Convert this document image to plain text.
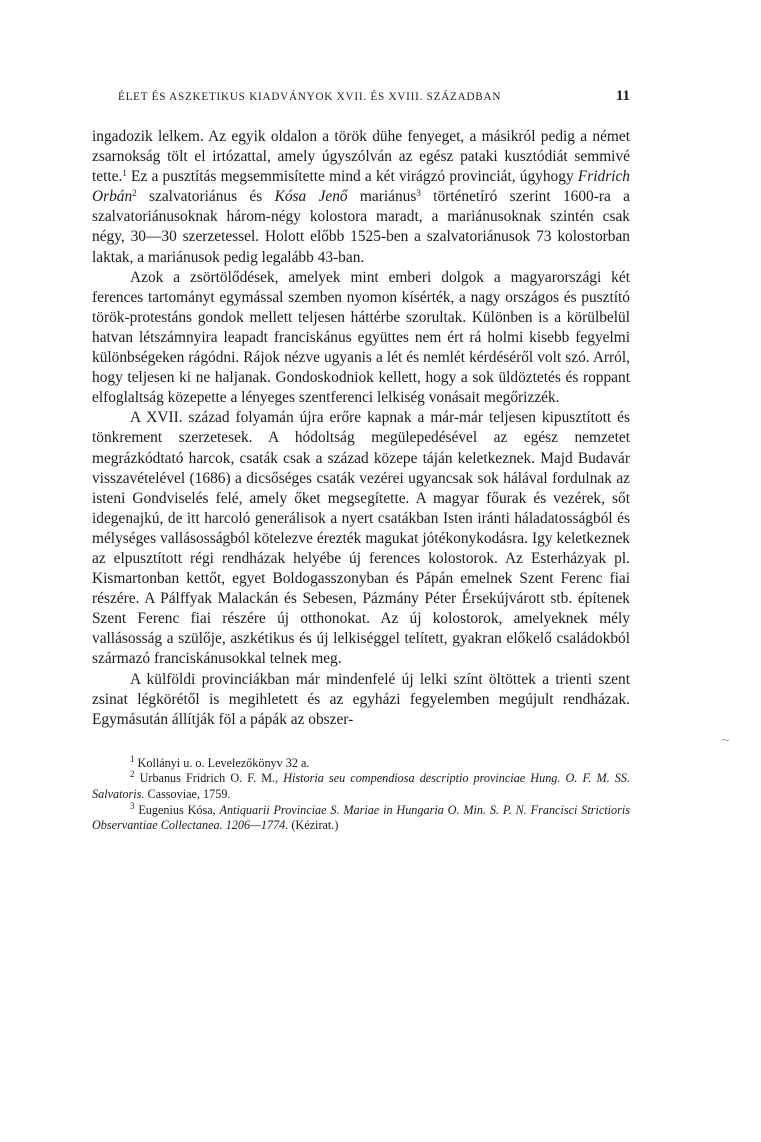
ÉLET ÉS ASZKETIKUS KIADVÁNYOK XVII. ÉS XVIII. SZÁZADBAN	11

ingadozik lelkem. Az egyik oldalon a török dühe fenyeget, a másikról pedig a német zsarnokság tölt el irtózattal, amely úgyszólván az egész pataki kusztódiát semmivé tette.$^1$ Ez a pusztítás megsemmisítette mind a két virágzó provinciát, úgyhogy Fridrich Orbán$^2$ szalvatoriánus és Kósa Jenő mariánus$^3$ történetíró szerint 1600-ra a szalvatoriánusoknak három-négy kolostora maradt, a mariánusoknak szintén csak négy, 30—30 szerzetessel. Holott előbb 1525-ben a szalvatoriánusok 73 kolostorban laktak, a mariánusok pedig legalább 43-ban.

Azok a zsörtölődések, amelyek mint emberi dolgok a magyarországi két ferences tartományt egymással szemben nyomon kísérték, a nagy országos és pusztító török-protestáns gondok mellett teljesen háttérbe szorultak. Különben is a körülbelül hatvan létszámnyira leapadt franciskánus együttes nem ért rá holmi kisebb fegyelmi különbségeken rágódni. Rájok nézve ugyanis a lét és nemlét kérdéséről volt szó. Arról, hogy teljesen ki ne haljanak. Gondoskodniok kellett, hogy a sok üldöztetés és roppant elfoglaltság közepette a lényeges szentferenci lelkiség vonásait megőrizzék.

A XVII. század folyamán újra erőre kapnak a már-már teljesen kipusztított és tönkrement szerzetesek. A hódoltság megülepedésével az egész nemzetet megrázkódtató harcok, csaták csak a század közepe táján keletkeznek. Majd Budavár visszavételével (1686) a dicsőséges csaták vezérei ugyancsak sok hálával fordulnak az isteni Gondviselés felé, amely őket megsegítette. A magyar főurak és vezérek, sőt idegenajkú, de itt harcoló generálisok a nyert csatákban Isten iránti háladatosságból és mélységes vallásosságból kötelezve érezték magukat jótékonykodásra. Igy keletkeznek az elpusztított régi rendházak helyébe új ferences kolostorok. Az Esterházyak pl. Kismartonban kettőt, egyet Boldogasszonyban és Pápán emelnek Szent Ferenc fiai részére. A Pálffyak Malackán és Sebesen, Pázmány Péter Érsekújvárott stb. építenek Szent Ferenc fiai részére új otthonokat. Az új kolostorok, amelyeknek mély vallásosság a szülője, aszkétikus és új lelkiséggel telített, gyakran előkelő családokból származó franciskánusokkal telnek meg.

A külföldi provinciákban már mindenfelé új lelki színt öltöttek a trienti szent zsinat légkörétől is megihletett és az egyházi fegyelemben megújult rendházak. Egymásután állítják föl a pápák az obszer-

$^1$ Kollányi u. o. Levelezőkönyv 32 a.

$^2$ Urbanus Fridrich O. F. M., Historia seu compendiosa descriptio provinciae Hung. O. F. M. SS. Salvatoris. Cassoviae, 1759.

$^3$ Eugenius Kósa, Antiquarii Provinciae S. Mariae in Hungaria O. Min. S. P. N. Francisci Strictioris Observantiae Collectanea. 1206—1774. (Kézirat.)

~
